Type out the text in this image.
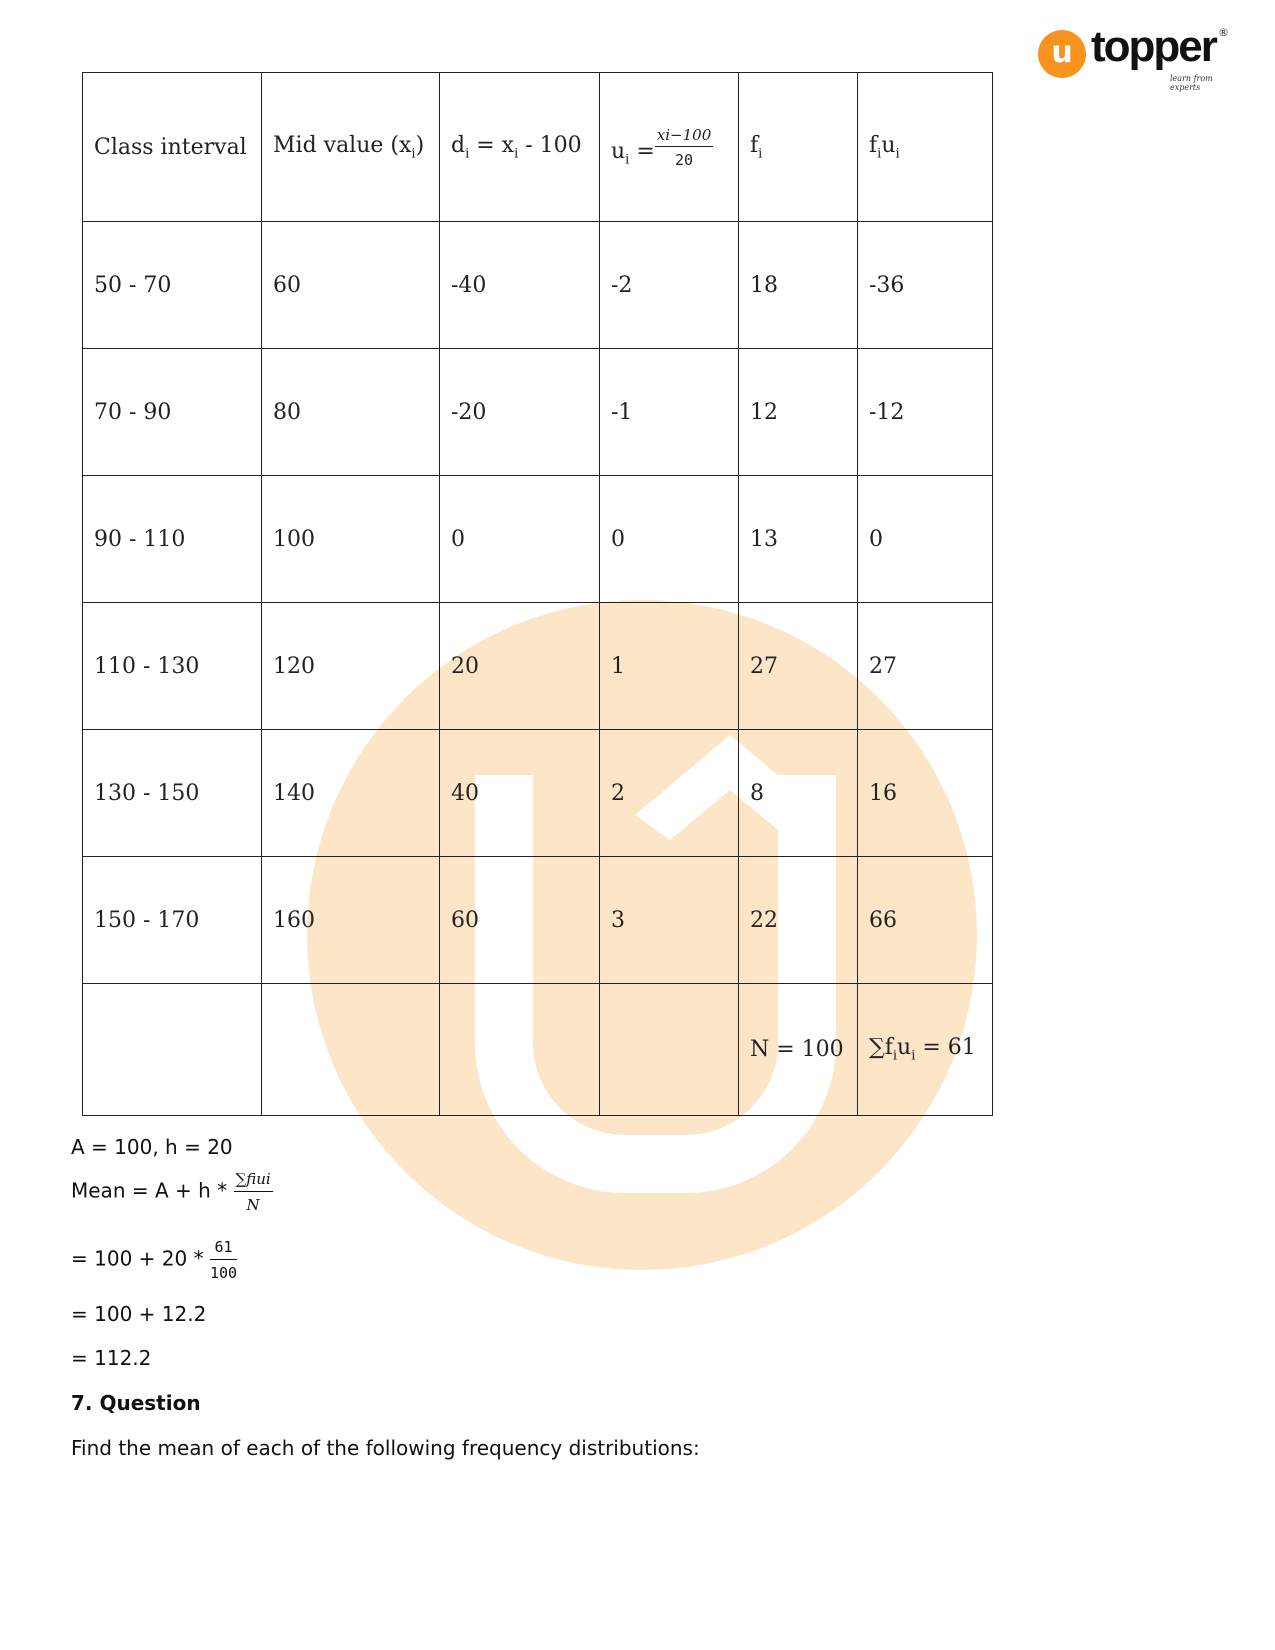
u topper
learn from experts
®
Class interval	Mid value $(x_i)$	$d_i = x_i - 100$	$u_i = \frac{xi-100}{20}$	$f_i$	$f_iu_i$
50 - 70	60	-40	-2	18	-36
70 - 90	80	-20	-1	12	-12
90 - 110	100	0	0	13	0
110 - 130	120	20	1	27	27
130 - 150	140	40	2	8	16
150 - 170	160	60	3	22	66
				N = 100	$\sum f_iu_i = 61$
A = 100, h = 20
Mean = $A + h * \frac{\text{∑fiui}}{N}$
= $100 + 20 * \frac{61}{100}$
= 100 + 12.2
= 112.2
7. Question
Find the mean of each of the following frequency distributions:
